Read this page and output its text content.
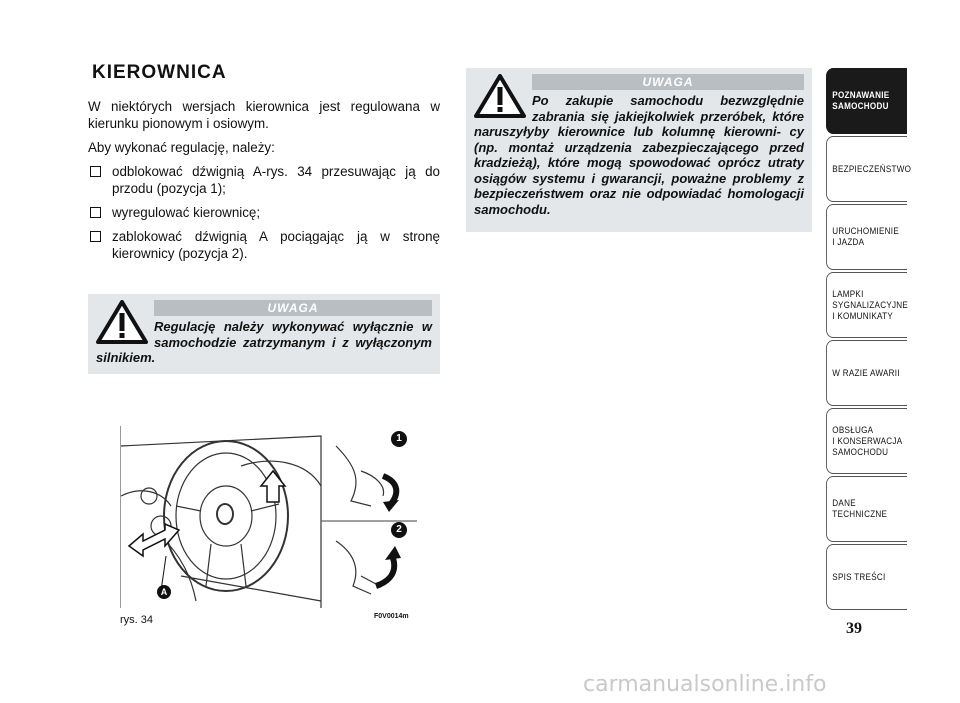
KIEROWNICA

W niektórych wersjach kierownica jest regulowana w kierunku pionowym i osiowym.

Aby wykonać regulację, należy:

odblokować dźwignią A-rys. 34 przesuwając ją do przodu (pozycja 1);
wyregulować kierownicę;
zablokować dźwignią A pociągając ją w stronę kierownicy (pozycja 2).
UWAGA
Regulację należy wykonywać wyłącznie w samochodzie zatrzymanym i z wyłączonym silnikiem.
UWAGA
Po zakupie samochodu bezwzględnie zabrania się jakiejkolwiek przeróbek, które naruszyłyby kierownice lub kolumnę kierowni- cy (np. montaż urządzenia zabezpieczającego przed kradzieżą), które mogą spowodować oprócz utraty osiągów systemu i gwarancji, poważne problemy z bezpieczeństwem oraz nie odpowiadać homologacji samochodu.
1
2
A
rys. 34	F0V0014m
POZNAWANIE
SAMOCHODU
BEZPIECZEŃSTWO
URUCHOMIENIE
I JAZDA
LAMPKI
SYGNALIZACYJNE
I KOMUNIKATY
W RAZIE AWARII
OBSŁUGA
I KONSERWACJA
SAMOCHODU
DANE
TECHNICZNE
SPIS TREŚCI
39
carmanualsonline.info
